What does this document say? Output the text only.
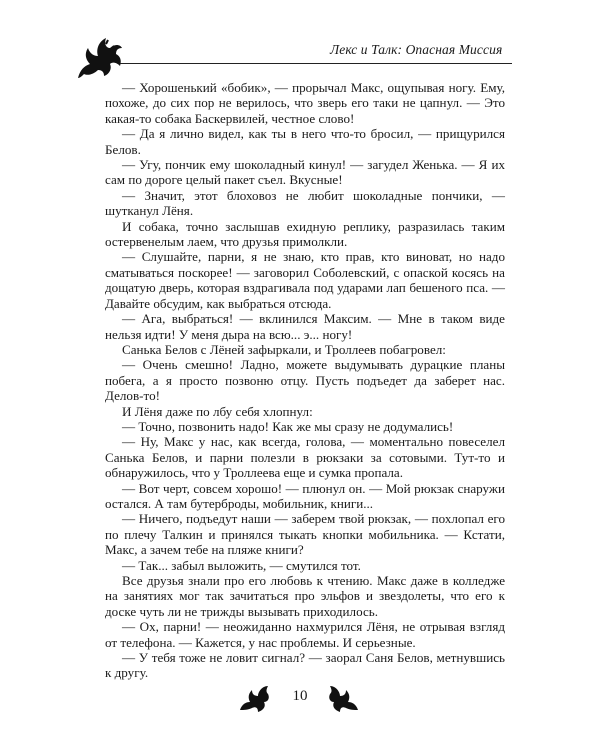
Лекс и Талк: Опасная Миссия

— Хорошенький «бобик», — прорычал Макс, ощупывая ногу. Ему, похоже, до сих пор не верилось, что зверь его таки не цапнул. — Это какая-то собака Баскервилей, честное слово!

— Да я лично видел, как ты в него что-то бросил, — прищурился Белов.

— Угу, пончик ему шоколадный кинул! — загудел Женька. — Я их сам по дороге целый пакет съел. Вкусные!

— Значит, этот блоховоз не любит шоколадные пончики, — шутканул Лёня.

И собака, точно заслышав ехидную реплику, разразилась таким остервенелым лаем, что друзья примолкли.

— Слушайте, парни, я не знаю, кто прав, кто виноват, но надо сматываться поскорее! — заговорил Соболевский, с опаской косясь на дощатую дверь, которая вздрагивала под ударами лап бешеного пса. — Давайте обсудим, как выбраться отсюда.

— Ага, выбраться! — вклинился Максим. — Мне в таком виде нельзя идти! У меня дыра на всю... э... ногу!

Санька Белов с Лёней зафыркали, и Троллеев побагровел:

— Очень смешно! Ладно, можете выдумывать дурацкие планы побега, а я просто позвоню отцу. Пусть подъедет да заберет нас. Делов-то!

И Лёня даже по лбу себя хлопнул:

— Точно, позвонить надо! Как же мы сразу не додумались!

— Ну, Макс у нас, как всегда, голова, — моментально повеселел Санька Белов, и парни полезли в рюкзаки за сотовыми. Тут-то и обнаружилось, что у Троллеева еще и сумка пропала.

— Вот черт, совсем хорошо! — плюнул он. — Мой рюкзак снаружи остался. А там бутерброды, мобильник, книги...

— Ничего, подъедут наши — заберем твой рюкзак, — похлопал его по плечу Талкин и принялся тыкать кнопки мобильника. — Кстати, Макс, а зачем тебе на пляже книги?

— Так... забыл выложить, — смутился тот.

Все друзья знали про его любовь к чтению. Макс даже в колледже на занятиях мог так зачитаться про эльфов и звездолеты, что его к доске чуть ли не трижды вызывать приходилось.

— Ох, парни! — неожиданно нахмурился Лёня, не отрывая взгляд от телефона. — Кажется, у нас проблемы. И серьезные.

— У тебя тоже не ловит сигнал? — заорал Саня Белов, метнувшись к другу.

10
